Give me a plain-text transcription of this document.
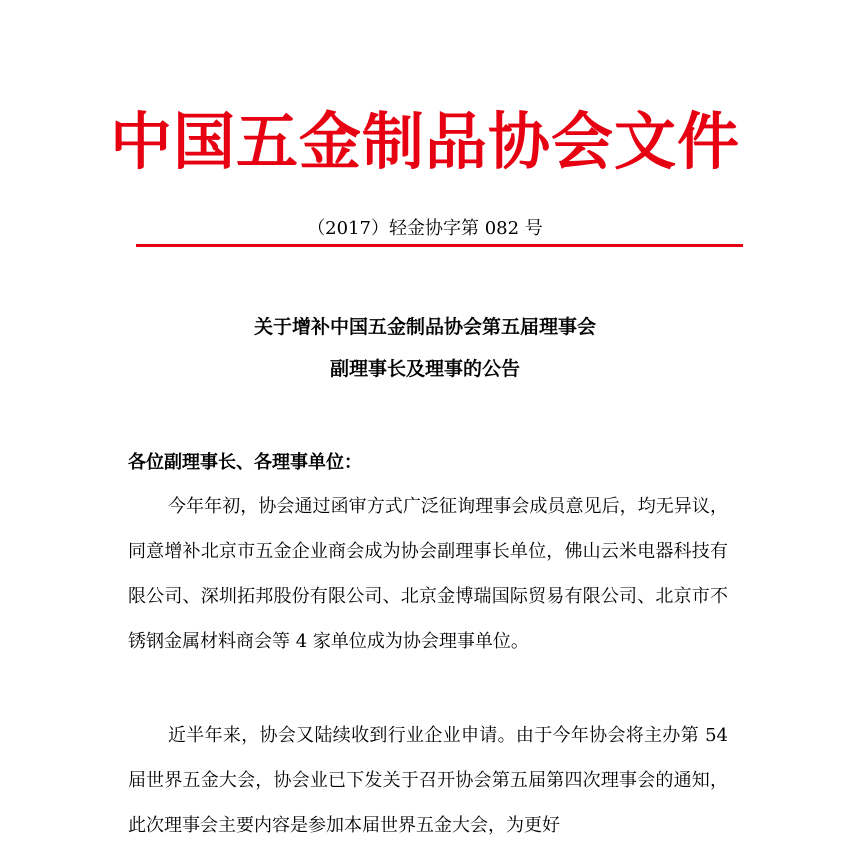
中国五金制品协会文件
（2017）轻金协字第 082 号
关于增补中国五金制品协会第五届理事会
副理事长及理事的公告
各位副理事长、各理事单位：

今年年初，协会通过函审方式广泛征询理事会成员意见后，均无异议，同意增补北京市五金企业商会成为协会副理事长单位，佛山云米电器科技有限公司、深圳拓邦股份有限公司、北京金博瑞国际贸易有限公司、北京市不锈钢金属材料商会等 4 家单位成为协会理事单位。

近半年来，协会又陆续收到行业企业申请。由于今年协会将主办第 54 届世界五金大会，协会业已下发关于召开协会第五届第四次理事会的通知，此次理事会主要内容是参加本届世界五金大会，为更好
